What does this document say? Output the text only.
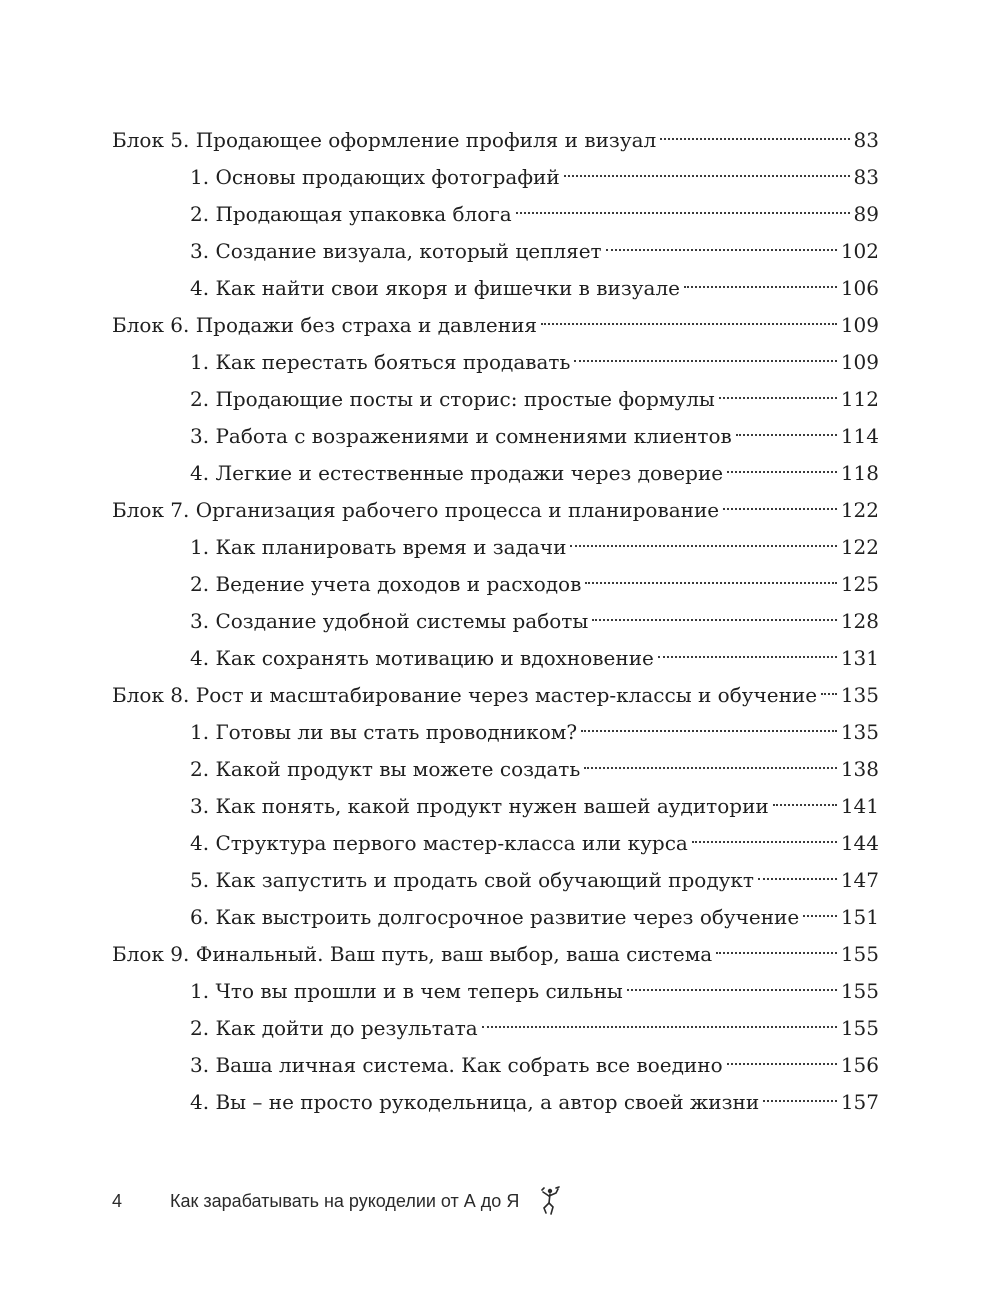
Блок 5. Продающее оформление профиля и визуал	83
1. Основы продающих фотографий	83
2. Продающая упаковка блога	89
3. Создание визуала, который цепляет	102
4. Как найти свои якоря и фишечки в визуале	106
Блок 6. Продажи без страха и давления	109
1. Как перестать бояться продавать	109
2. Продающие посты и сторис: простые формулы	112
3. Работа с возражениями и сомнениями клиентов	114
4. Легкие и естественные продажи через доверие	118
Блок 7. Организация рабочего процесса и планирование	122
1. Как планировать время и задачи	122
2. Ведение учета доходов и расходов	125
3. Создание удобной системы работы	128
4. Как сохранять мотивацию и вдохновение	131
Блок 8. Рост и масштабирование через мастер-классы и обучение 135
1. Готовы ли вы стать проводником?	135
2. Какой продукт вы можете создать	138
3. Как понять, какой продукт нужен вашей аудитории	141
4. Структура первого мастер-класса или курса	144
5. Как запустить и продать свой обучающий продукт	147
6. Как выстроить долгосрочное развитие через обучение 151
Блок 9. Финальный. Ваш путь, ваш выбор, ваша система	155
1. Что вы прошли и в чем теперь сильны	155
2. Как дойти до результата	155
3. Ваша личная система. Как собрать все воедино	156
4. Вы – не просто рукодельница, а автор своей жизни	157
4	Как зарабатывать на рукоделии от А до Я
